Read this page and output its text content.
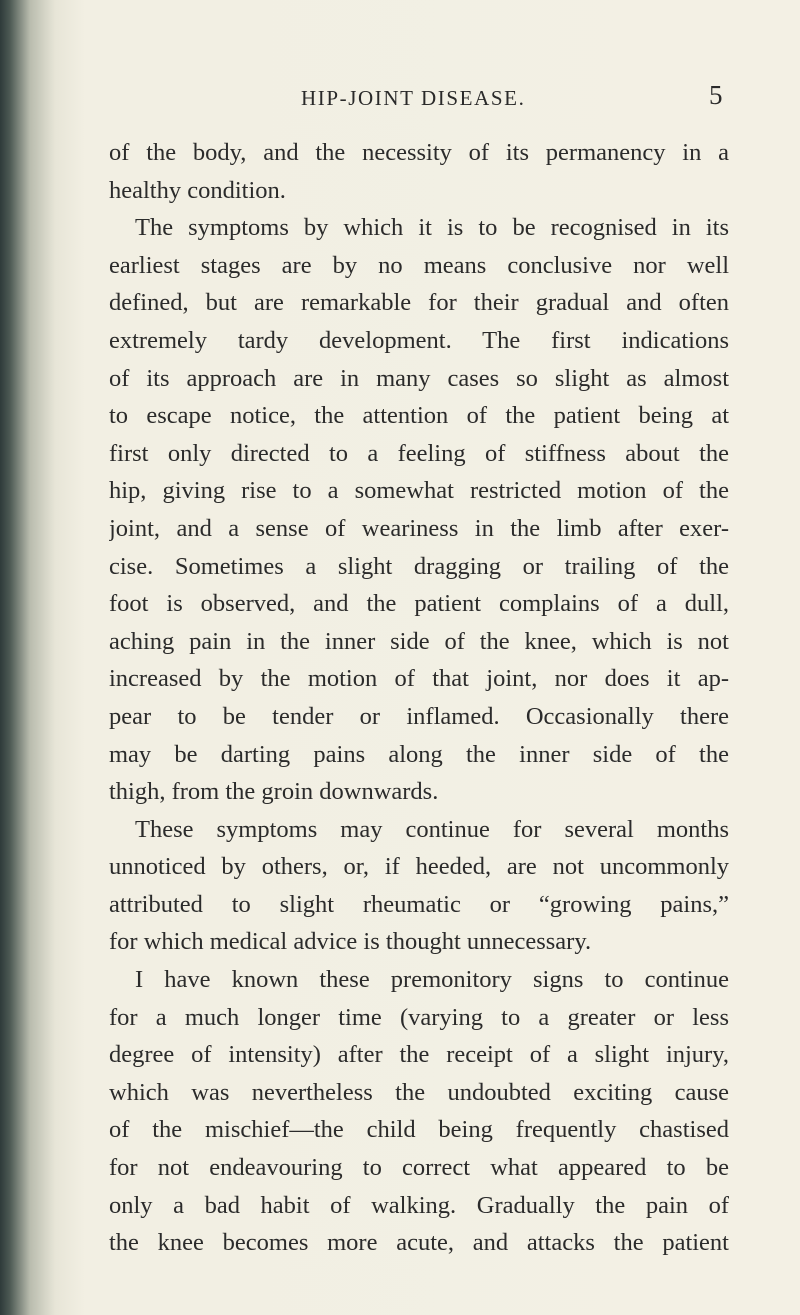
HIP-JOINT DISEASE.	5
of the body, and the necessity of its permanency in a
healthy condition.
The symptoms by which it is to be recognised in its
earliest stages are by no means conclusive nor well
defined, but are remarkable for their gradual and often
extremely tardy development. The first indications
of its approach are in many cases so slight as almost
to escape notice, the attention of the patient being at
first only directed to a feeling of stiffness about the
hip, giving rise to a somewhat restricted motion of the
joint, and a sense of weariness in the limb after exer-
cise. Sometimes a slight dragging or trailing of the
foot is observed, and the patient complains of a dull,
aching pain in the inner side of the knee, which is not
increased by the motion of that joint, nor does it ap-
pear to be tender or inflamed. Occasionally there
may be darting pains along the inner side of the
thigh, from the groin downwards.
These symptoms may continue for several months
unnoticed by others, or, if heeded, are not uncommonly
attributed to slight rheumatic or “growing pains,”
for which medical advice is thought unnecessary.
I have known these premonitory signs to continue
for a much longer time (varying to a greater or less
degree of intensity) after the receipt of a slight injury,
which was nevertheless the undoubted exciting cause
of the mischief—the child being frequently chastised
for not endeavouring to correct what appeared to be
only a bad habit of walking. Gradually the pain of
the knee becomes more acute, and attacks the patient
